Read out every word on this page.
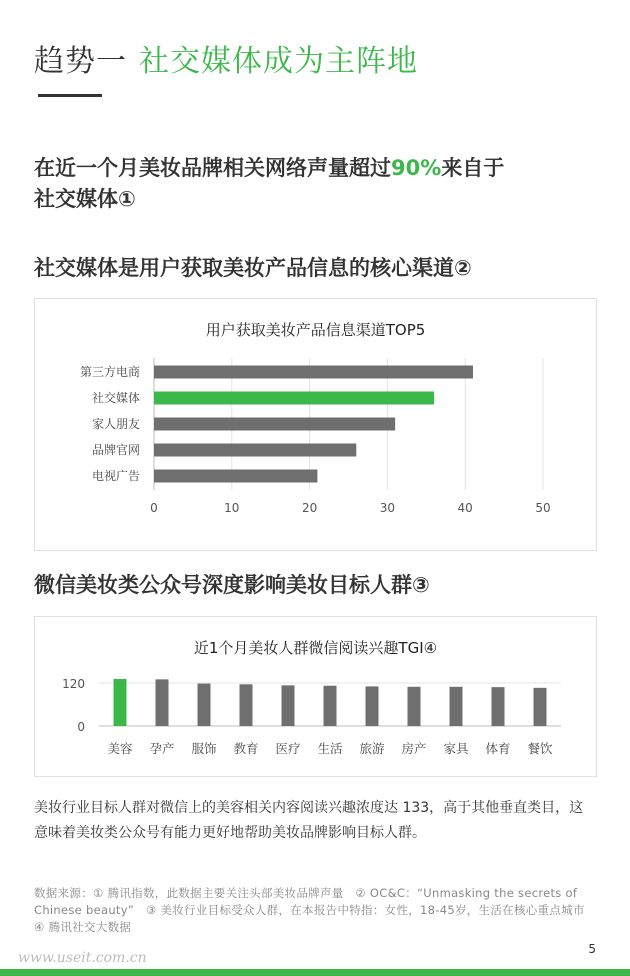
趋势一 社交媒体成为主阵地
在近一个月美妆品牌相关网络声量超过90%来自于
社交媒体①
社交媒体是用户获取美妆产品信息的核心渠道②
用户获取美妆产品信息渠道TOP5
0	10	20	30	40	50
第三方电商
社交媒体
家人朋友
品牌官网
电视广告
微信美妆类公众号深度影响美妆目标人群③
近1个月美妆人群微信阅读兴趣TGI④
0
120
美容 孕产 服饰 教育 医疗 生活 旅游 房产 家具 体育 餐饮
美妆行业目标人群对微信上的美容相关内容阅读兴趣浓度达 133，高于其他垂直类目，这意味着美妆类公众号有能力更好地帮助美妆品牌影响目标人群。
数据来源：① 腾讯指数，此数据主要关注头部美妆品牌声量　② OC&C：“Unmasking the secrets of Chinese beauty”　③ 美妆行业目标受众人群，在本报告中特指：女性，18-45岁，生活在核心重点城市　④ 腾讯社交大数据
5
www.useit.com.cn
